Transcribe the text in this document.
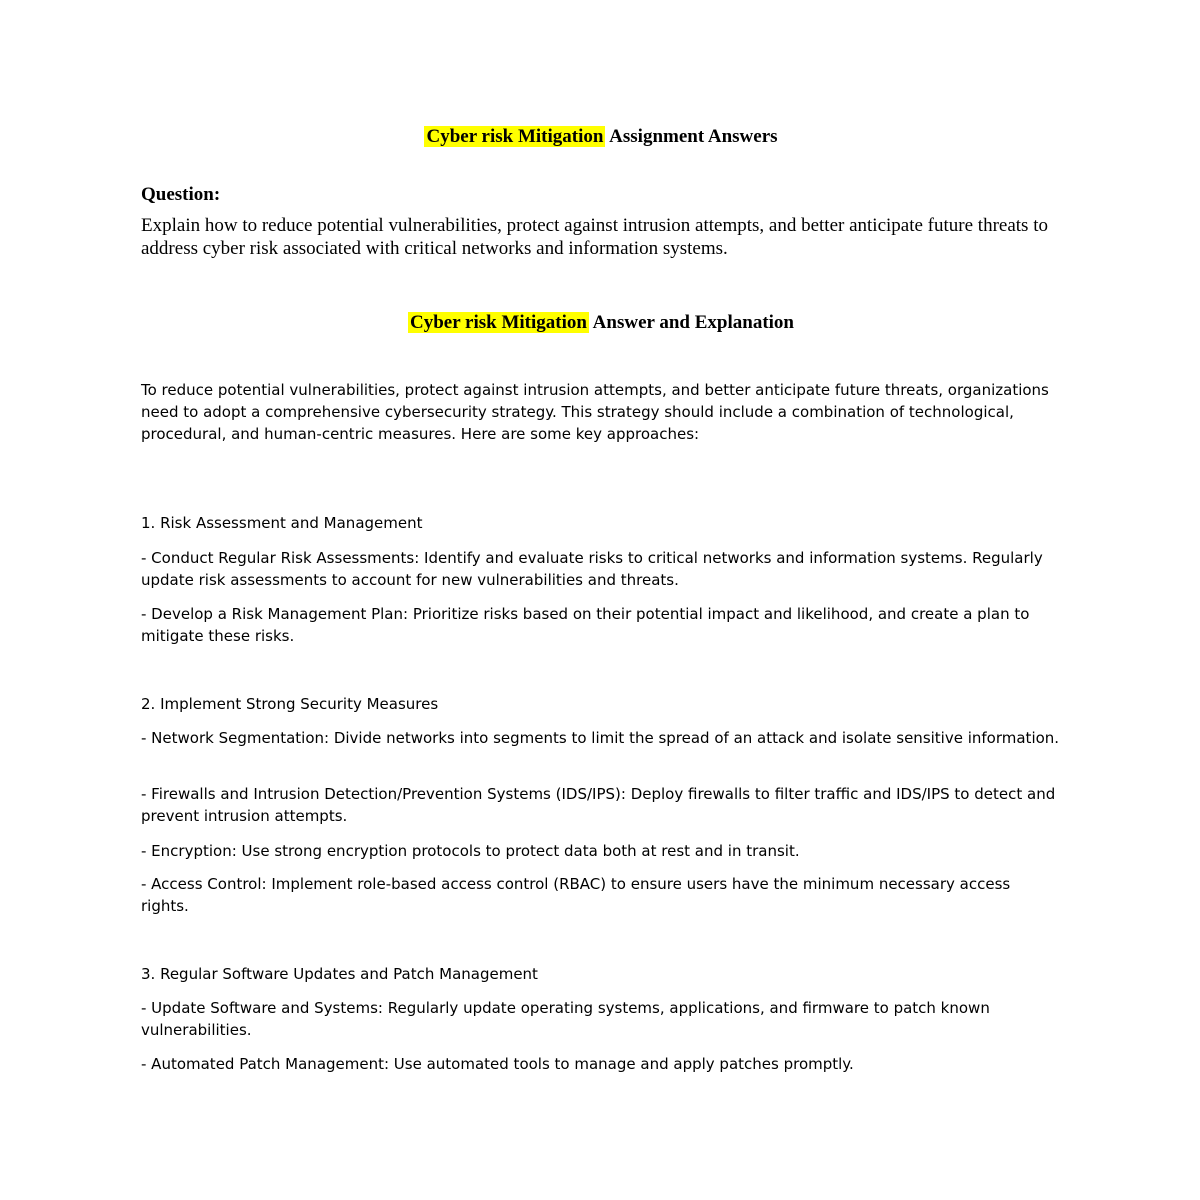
Cyber risk Mitigation Assignment Answers

Question:

Explain how to reduce potential vulnerabilities, protect against intrusion attempts, and better anticipate future threats to address cyber risk associated with critical networks and information systems.

Cyber risk Mitigation Answer and Explanation

To reduce potential vulnerabilities, protect against intrusion attempts, and better anticipate future threats, organizations need to adopt a comprehensive cybersecurity strategy. This strategy should include a combination of technological, procedural, and human-centric measures. Here are some key approaches:

1. Risk Assessment and Management

- Conduct Regular Risk Assessments: Identify and evaluate risks to critical networks and information systems. Regularly update risk assessments to account for new vulnerabilities and threats.

- Develop a Risk Management Plan: Prioritize risks based on their potential impact and likelihood, and create a plan to mitigate these risks.

2. Implement Strong Security Measures

- Network Segmentation: Divide networks into segments to limit the spread of an attack and isolate sensitive information.

- Firewalls and Intrusion Detection/Prevention Systems (IDS/IPS): Deploy firewalls to filter traffic and IDS/IPS to detect and prevent intrusion attempts.

- Encryption: Use strong encryption protocols to protect data both at rest and in transit.

- Access Control: Implement role-based access control (RBAC) to ensure users have the minimum necessary access rights.

3. Regular Software Updates and Patch Management

- Update Software and Systems: Regularly update operating systems, applications, and firmware to patch known vulnerabilities.

- Automated Patch Management: Use automated tools to manage and apply patches promptly.
